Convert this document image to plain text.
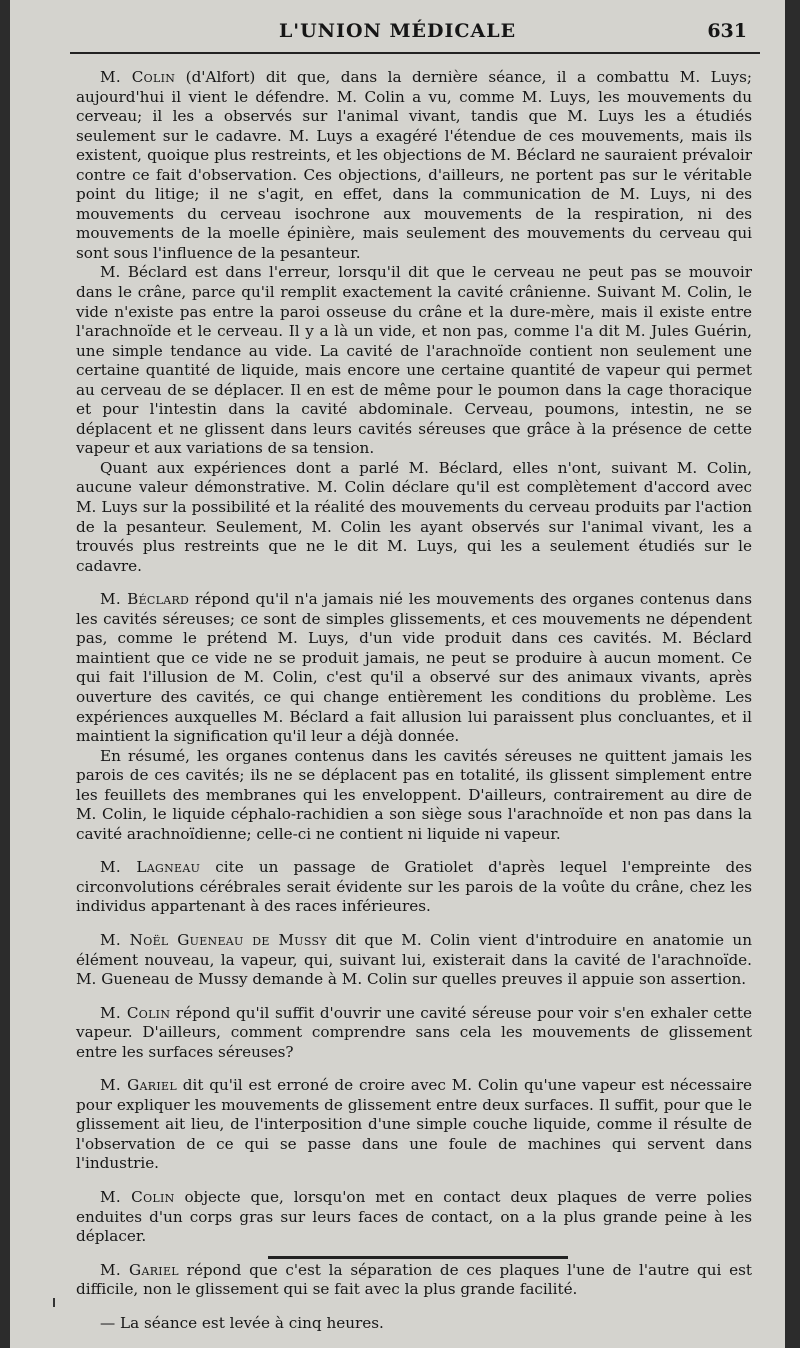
L'UNION MÉDICALE	631

M. Colin (d'Alfort) dit que, dans la dernière séance, il a combattu M. Luys; aujourd'hui il vient le défendre. M. Colin a vu, comme M. Luys, les mouvements du cerveau; il les a observés sur l'animal vivant, tandis que M. Luys les a étudiés seulement sur le cadavre. M. Luys a exagéré l'étendue de ces mouvements, mais ils existent, quoique plus restreints, et les objections de M. Béclard ne sauraient prévaloir contre ce fait d'observation. Ces objections, d'ailleurs, ne portent pas sur le véritable point du litige; il ne s'agit, en effet, dans la communication de M. Luys, ni des mouvements du cerveau isochrone aux mouvements de la respiration, ni des mouvements de la moelle épinière, mais seulement des mouvements du cerveau qui sont sous l'influence de la pesanteur.

M. Béclard est dans l'erreur, lorsqu'il dit que le cerveau ne peut pas se mouvoir dans le crâne, parce qu'il remplit exactement la cavité crânienne. Suivant M. Colin, le vide n'existe pas entre la paroi osseuse du crâne et la dure-mère, mais il existe entre l'arachnoïde et le cerveau. Il y a là un vide, et non pas, comme l'a dit M. Jules Guérin, une simple tendance au vide. La cavité de l'arachnoïde contient non seulement une certaine quantité de liquide, mais encore une certaine quantité de vapeur qui permet au cerveau de se déplacer. Il en est de même pour le poumon dans la cage thoracique et pour l'intestin dans la cavité abdominale. Cerveau, poumons, intestin, ne se déplacent et ne glissent dans leurs cavités séreuses que grâce à la présence de cette vapeur et aux variations de sa tension.

Quant aux expériences dont a parlé M. Béclard, elles n'ont, suivant M. Colin, aucune valeur démonstrative. M. Colin déclare qu'il est complètement d'accord avec M. Luys sur la possibilité et la réalité des mouvements du cerveau produits par l'action de la pesanteur. Seulement, M. Colin les ayant observés sur l'animal vivant, les a trouvés plus restreints que ne le dit M. Luys, qui les a seulement étudiés sur le cadavre.

M. Béclard répond qu'il n'a jamais nié les mouvements des organes contenus dans les cavités séreuses; ce sont de simples glissements, et ces mouvements ne dépendent pas, comme le prétend M. Luys, d'un vide produit dans ces cavités. M. Béclard maintient que ce vide ne se produit jamais, ne peut se produire à aucun moment. Ce qui fait l'illusion de M. Colin, c'est qu'il a observé sur des animaux vivants, après ouverture des cavités, ce qui change entièrement les conditions du problème. Les expériences auxquelles M. Béclard a fait allusion lui paraissent plus concluantes, et il maintient la signification qu'il leur a déjà donnée.

En résumé, les organes contenus dans les cavités séreuses ne quittent jamais les parois de ces cavités; ils ne se déplacent pas en totalité, ils glissent simplement entre les feuillets des membranes qui les enveloppent. D'ailleurs, contrairement au dire de M. Colin, le liquide céphalo-rachidien a son siège sous l'arachnoïde et non pas dans la cavité arachnoïdienne; celle-ci ne contient ni liquide ni vapeur.

M. Lagneau cite un passage de Gratiolet d'après lequel l'empreinte des circonvolutions cérébrales serait évidente sur les parois de la voûte du crâne, chez les individus appartenant à des races inférieures.

M. Noël Gueneau de Mussy dit que M. Colin vient d'introduire en anatomie un élément nouveau, la vapeur, qui, suivant lui, existerait dans la cavité de l'arachnoïde. M. Gueneau de Mussy demande à M. Colin sur quelles preuves il appuie son assertion.

M. Colin répond qu'il suffit d'ouvrir une cavité séreuse pour voir s'en exhaler cette vapeur. D'ailleurs, comment comprendre sans cela les mouvements de glissement entre les surfaces séreuses?

M. Gariel dit qu'il est erroné de croire avec M. Colin qu'une vapeur est nécessaire pour expliquer les mouvements de glissement entre deux surfaces. Il suffit, pour que le glissement ait lieu, de l'interposition d'une simple couche liquide, comme il résulte de l'observation de ce qui se passe dans une foule de machines qui servent dans l'industrie.

M. Colin objecte que, lorsqu'on met en contact deux plaques de verre polies enduites d'un corps gras sur leurs faces de contact, on a la plus grande peine à les déplacer.

M. Gariel répond que c'est la séparation de ces plaques l'une de l'autre qui est difficile, non le glissement qui se fait avec la plus grande facilité.

— La séance est levée à cinq heures.
